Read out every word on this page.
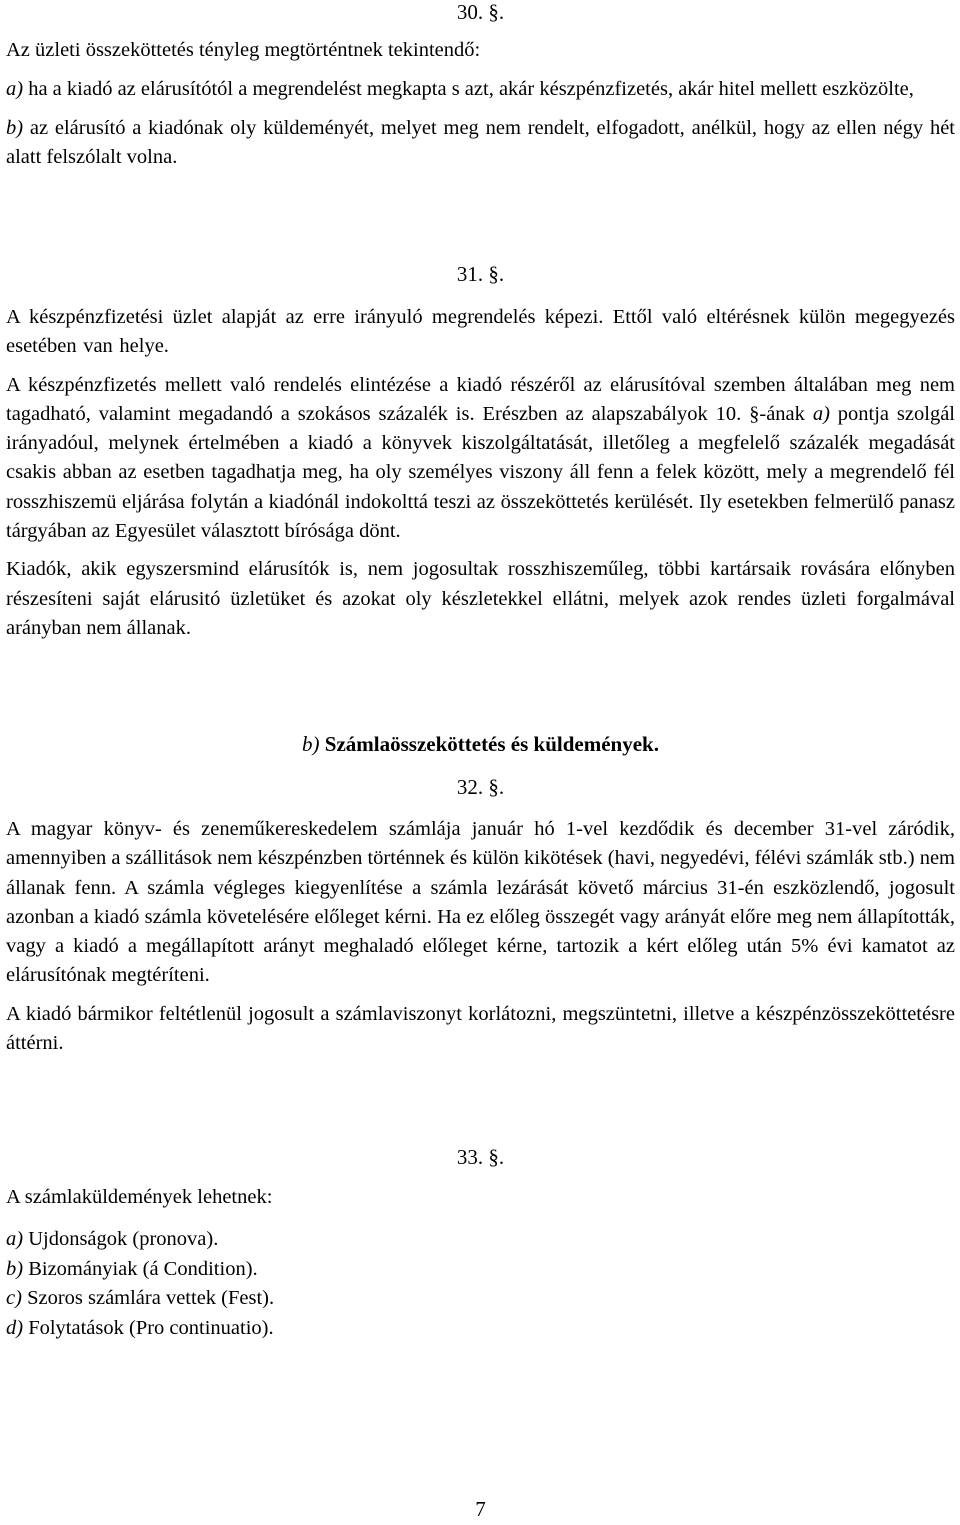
30. §.

Az üzleti összeköttetés tényleg megtörténtnek tekintendő:

a) ha a kiadó az elárusítótól a megrendelést megkapta s azt, akár készpénzfizetés, akár hitel mellett eszközölte,

b) az elárusító a kiadónak oly küldeményét, melyet meg nem rendelt, elfogadott, anélkül, hogy az ellen négy hét alatt felszólalt volna.

31. §.

A készpénzfizetési üzlet alapját az erre irányuló megrendelés képezi. Ettől való eltérésnek külön megegyezés esetében van helye.

A készpénzfizetés mellett való rendelés elintézése a kiadó részéről az elárusítóval szemben általában meg nem tagadható, valamint megadandó a szokásos százalék is. Erészben az alapszabályok 10. §-ának a) pontja szolgál irányadóul, melynek értelmében a kiadó a könyvek kiszolgáltatását, illetőleg a megfelelő százalék megadását csakis abban az esetben tagadhatja meg, ha oly személyes viszony áll fenn a felek között, mely a megrendelő fél rosszhiszemü eljárása folytán a kiadónál indokolttá teszi az összeköttetés kerülését. Ily esetekben felmerülő panasz tárgyában az Egyesület választott bírósága dönt.

Kiadók, akik egyszersmind elárusítók is, nem jogosultak rosszhiszeműleg, többi kartársaik rovására előnyben részesíteni saját elárusitó üzletüket és azokat oly készletekkel ellátni, melyek azok rendes üzleti forgalmával arányban nem állanak.

b) Számlaösszeköttetés és küldemények.
32. §.

A magyar könyv- és zeneműkereskedelem számlája január hó 1-vel kezdődik és december 31-vel záródik, amennyiben a szállitások nem készpénzben történnek és külön kikötések (havi, negyedévi, félévi számlák stb.) nem állanak fenn. A számla végleges kiegyenlítése a számla lezárását követő március 31-én eszközlendő, jogosult azonban a kiadó számla követelésére előleget kérni. Ha ez előleg összegét vagy arányát előre meg nem állapították, vagy a kiadó a megállapított arányt meghaladó előleget kérne, tartozik a kért előleg után 5% évi kamatot az elárusítónak megtéríteni.

A kiadó bármikor feltétlenül jogosult a számlaviszonyt korlátozni, megszüntetni, illetve a készpénzösszeköttetésre áttérni.

33. §.
A számlaküldemények lehetnek:
a) Ujdonságok (pronova).
b) Bizományiak (á Condition).
c) Szoros számlára vettek (Fest).
d) Folytatások (Pro continuatio).
7
